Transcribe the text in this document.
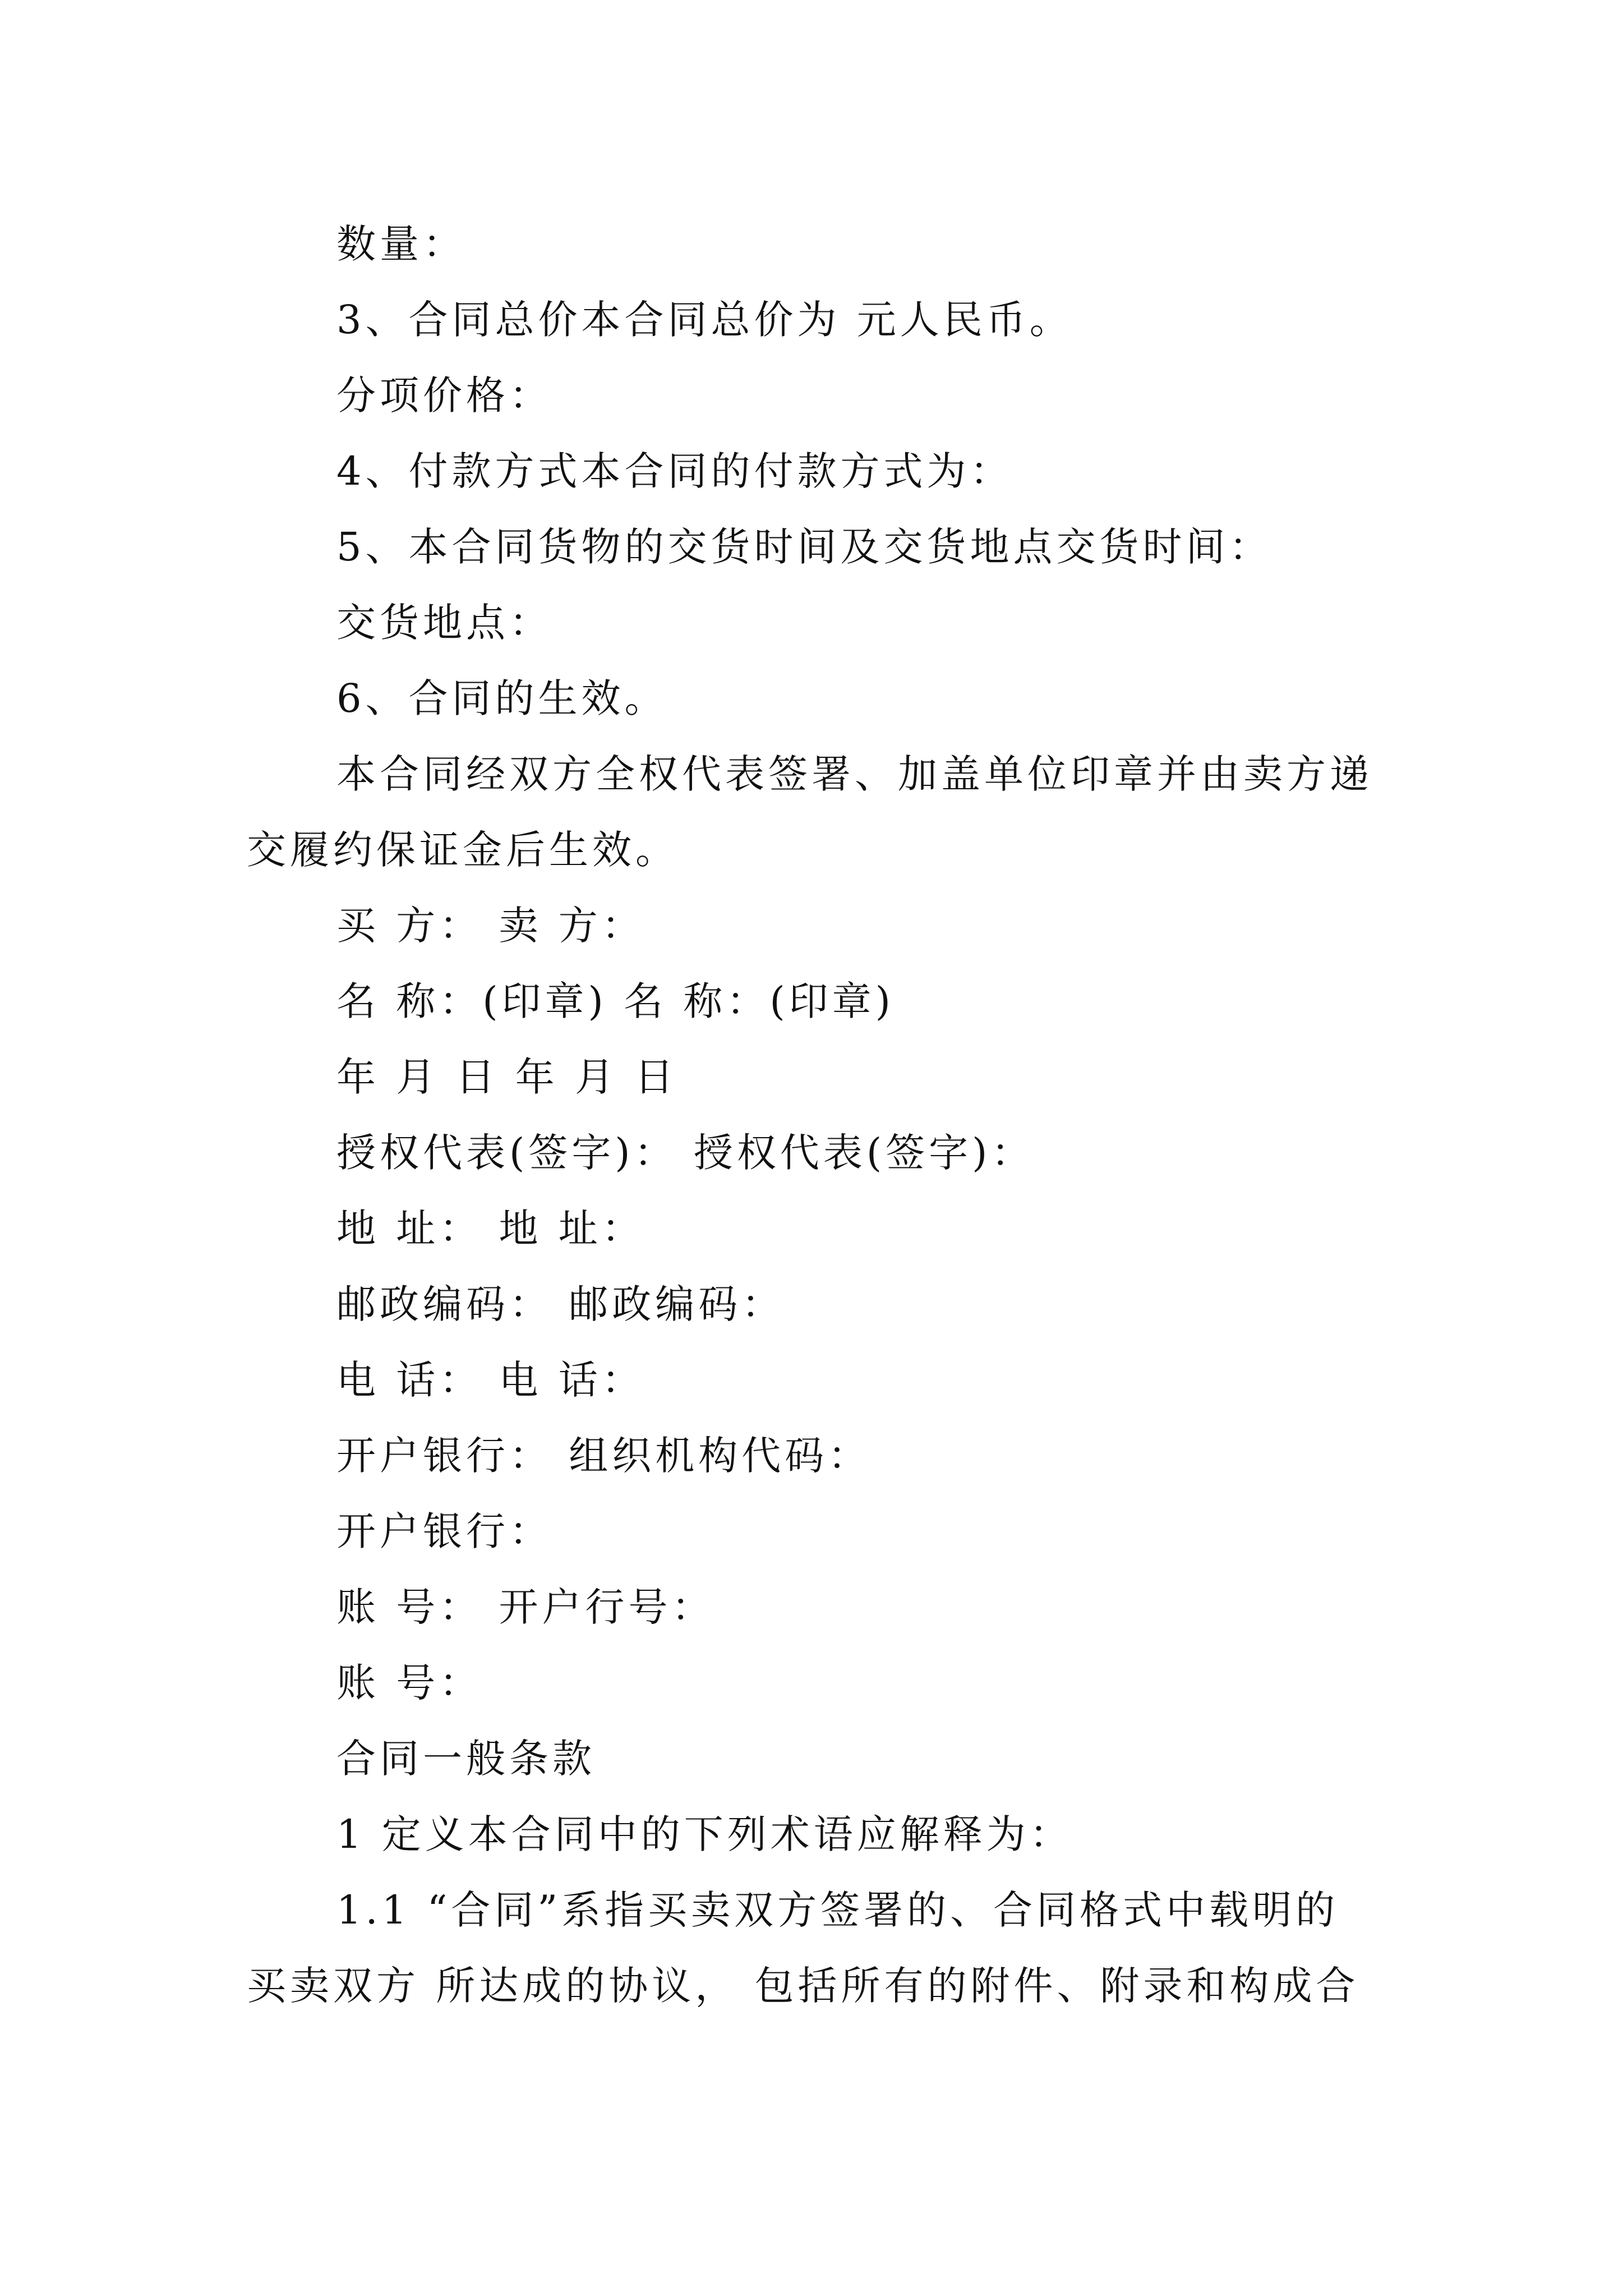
数量：
3、合同总价本合同总价为 元人民币。
分项价格：
4、付款方式本合同的付款方式为：
5、本合同货物的交货时间及交货地点交货时间：
交货地点：
6、合同的生效。
本合同经双方全权代表签署、加盖单位印章并由卖方递
交履约保证金后生效。
买 方： 卖 方：
名 称：(印章) 名 称：(印章)
年 月 日 年 月 日
授权代表(签字)： 授权代表(签字)：
地 址： 地 址：
邮政编码： 邮政编码：
电 话： 电 话：
开户银行： 组织机构代码：
开户银行：
账 号： 开户行号：
账 号：
合同一般条款
1 定义本合同中的下列术语应解释为：
1.1 “合同”系指买卖双方签署的、合同格式中载明的
买卖双方 所达成的协议， 包括所有的附件、附录和构成合
